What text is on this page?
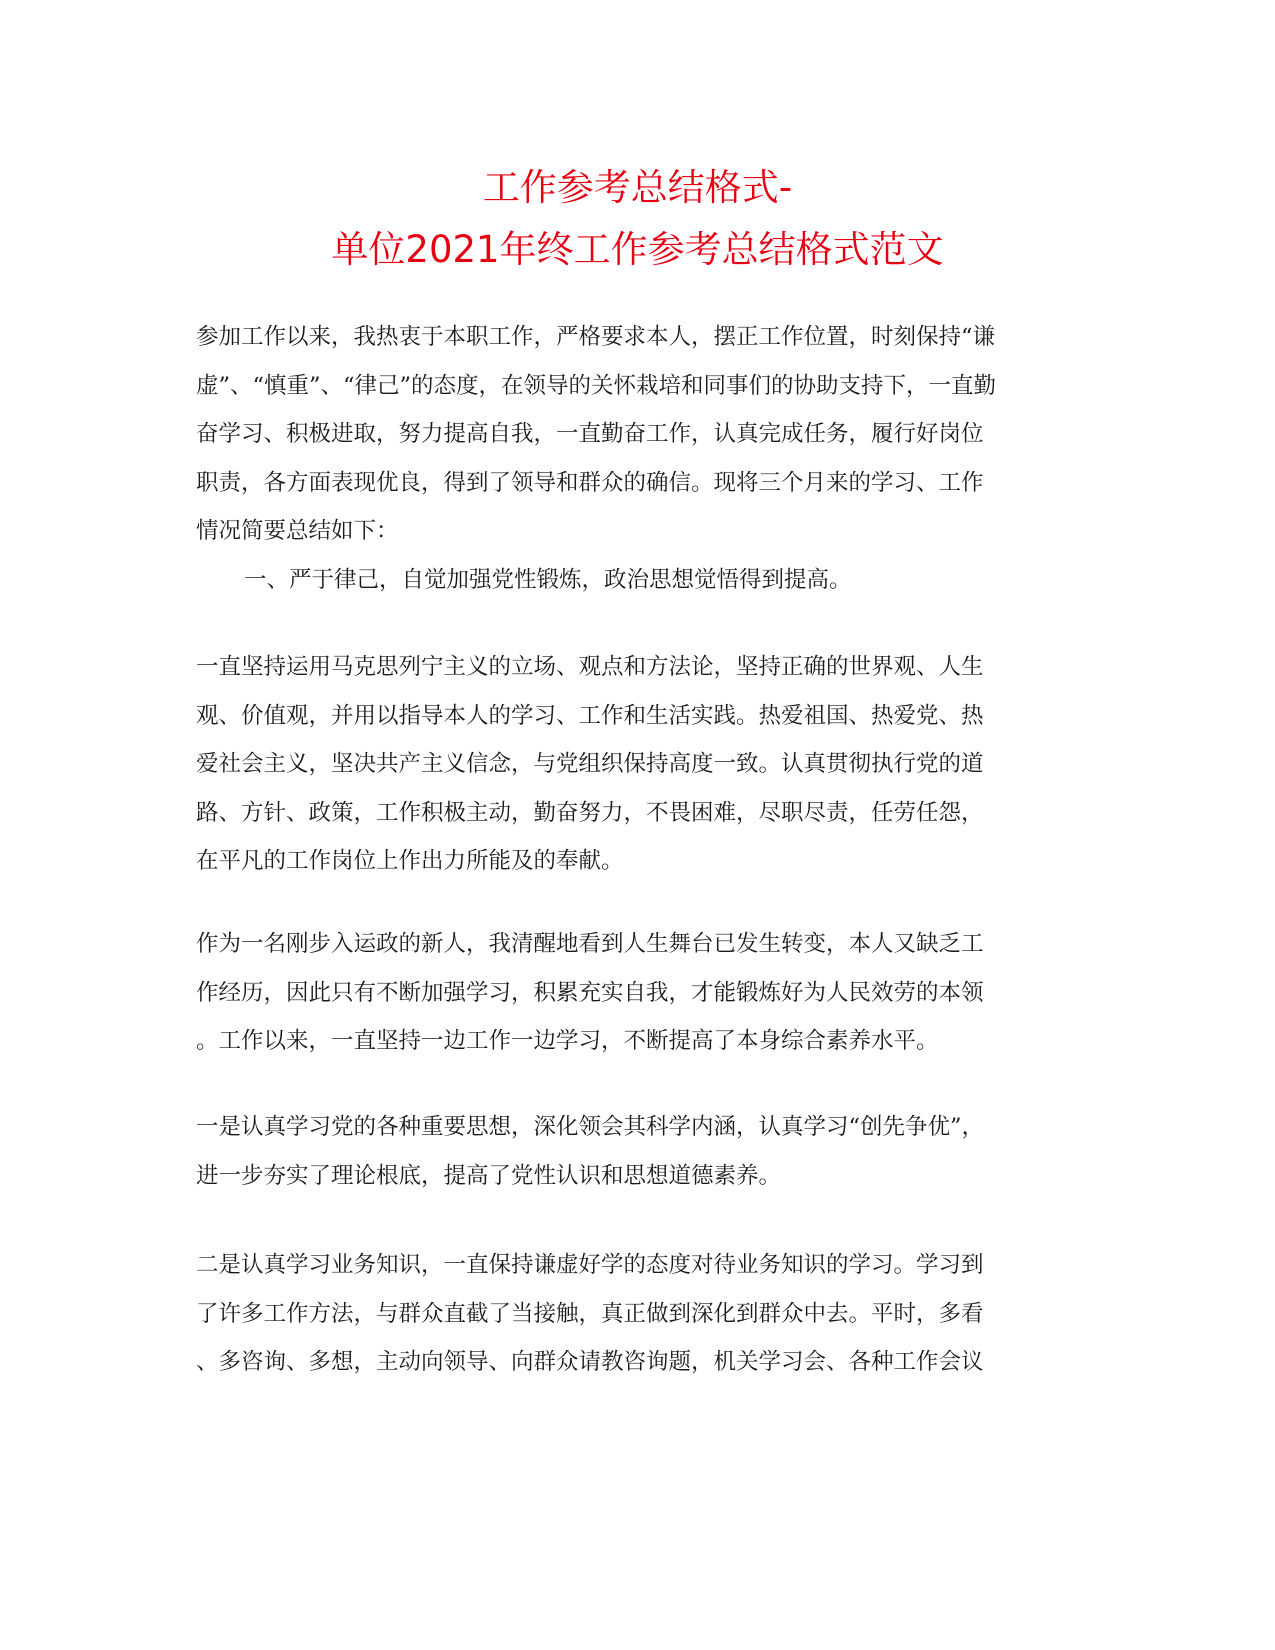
工作参考总结格式-
单位2021年终工作参考总结格式范文
参加工作以来，我热衷于本职工作，严格要求本人，摆正工作位置，时刻保持“谦
虚”、“慎重”、“律己”的态度，在领导的关怀栽培和同事们的协助支持下，一直勤
奋学习、积极进取，努力提高自我，一直勤奋工作，认真完成任务，履行好岗位
职责，各方面表现优良，得到了领导和群众的确信。现将三个月来的学习、工作
情况简要总结如下：
一、严于律己，自觉加强党性锻炼，政治思想觉悟得到提高。
一直坚持运用马克思列宁主义的立场、观点和方法论，坚持正确的世界观、人生
观、价值观，并用以指导本人的学习、工作和生活实践。热爱祖国、热爱党、热
爱社会主义，坚决共产主义信念，与党组织保持高度一致。认真贯彻执行党的道
路、方针、政策，工作积极主动，勤奋努力，不畏困难，尽职尽责，任劳任怨，
在平凡的工作岗位上作出力所能及的奉献。
作为一名刚步入运政的新人，我清醒地看到人生舞台已发生转变，本人又缺乏工
作经历，因此只有不断加强学习，积累充实自我，才能锻炼好为人民效劳的本领
。工作以来，一直坚持一边工作一边学习，不断提高了本身综合素养水平。
一是认真学习党的各种重要思想，深化领会其科学内涵，认真学习“创先争优”，
进一步夯实了理论根底，提高了党性认识和思想道德素养。
二是认真学习业务知识，一直保持谦虚好学的态度对待业务知识的学习。学习到
了许多工作方法，与群众直截了当接触，真正做到深化到群众中去。平时，多看
、多咨询、多想，主动向领导、向群众请教咨询题，机关学习会、各种工作会议
